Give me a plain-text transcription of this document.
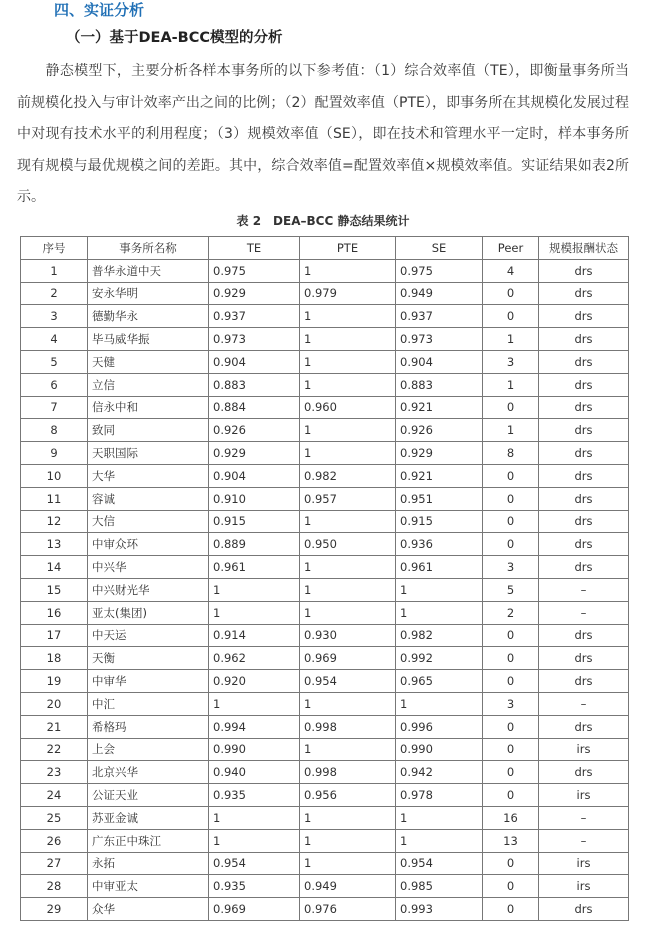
四、实证分析
（一）基于DEA-BCC模型的分析

　　静态模型下，主要分析各样本事务所的以下参考值：（1）综合效率值（TE），即衡量事务所当前规模化投入与审计效率产出之间的比例；（2）配置效率值（PTE），即事务所在其规模化发展过程中对现有技术水平的利用程度；（3）规模效率值（SE），即在技术和管理水平一定时，样本事务所现有规模与最优规模之间的差距。其中，综合效率值=配置效率值×规模效率值。实证结果如表2所示。

表 2　DEA–BCC 静态结果统计
序号	事务所名称	TE	PTE	SE	Peer	规模报酬状态
1	普华永道中天	0.975	1	0.975	4	drs
2	安永华明	0.929	0.979	0.949	0	drs
3	德勤华永	0.937	1	0.937	0	drs
4	毕马威华振	0.973	1	0.973	1	drs
5	天健	0.904	1	0.904	3	drs
6	立信	0.883	1	0.883	1	drs
7	信永中和	0.884	0.960	0.921	0	drs
8	致同	0.926	1	0.926	1	drs
9	天职国际	0.929	1	0.929	8	drs
10	大华	0.904	0.982	0.921	0	drs
11	容诚	0.910	0.957	0.951	0	drs
12	大信	0.915	1	0.915	0	drs
13	中审众环	0.889	0.950	0.936	0	drs
14	中兴华	0.961	1	0.961	3	drs
15	中兴财光华	1	1	1	5	–
16	亚太(集团)	1	1	1	2	–
17	中天运	0.914	0.930	0.982	0	drs
18	天衡	0.962	0.969	0.992	0	drs
19	中审华	0.920	0.954	0.965	0	drs
20	中汇	1	1	1	3	–
21	希格玛	0.994	0.998	0.996	0	drs
22	上会	0.990	1	0.990	0	irs
23	北京兴华	0.940	0.998	0.942	0	drs
24	公证天业	0.935	0.956	0.978	0	irs
25	苏亚金诚	1	1	1	16	–
26	广东正中珠江	1	1	1	13	–
27	永拓	0.954	1	0.954	0	irs
28	中审亚太	0.935	0.949	0.985	0	irs
29	众华	0.969	0.976	0.993	0	drs
